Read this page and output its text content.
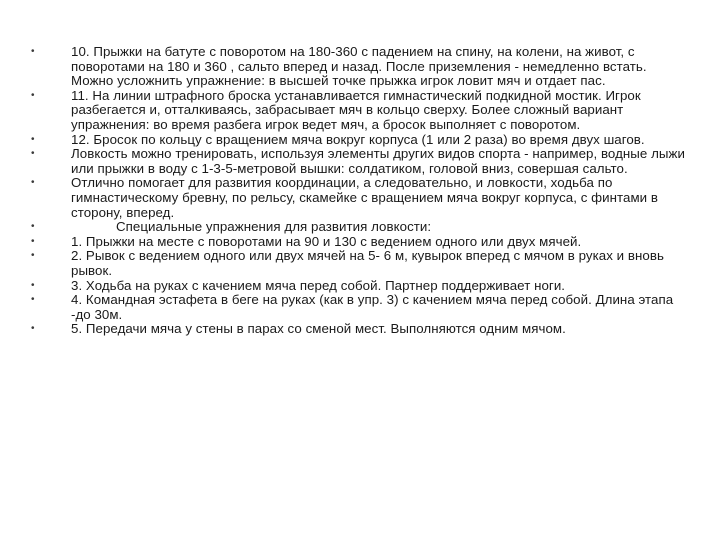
•	10. Прыжки на батуте с поворотом на 180-360 с падением на спину, на колени, на живот, с поворотами на 180 и 360 , сальто вперед и назад. После приземления - немедленно встать. Можно усложнить упражнение: в высшей точке прыжка игрок ловит мяч и отдает пас.
•	11. На линии штрафного броска устанавливается гимнастический подкидной мостик. Игрок разбегается и, отталкиваясь, забрасывает мяч в кольцо сверху. Более сложный вариант упражнения: во время разбега игрок ведет мяч, а бросок выполняет с поворотом.
•	12. Бросок по кольцу с вращением мяча вокруг корпуса (1 или 2 раза) во время двух шагов.
•	Ловкость можно тренировать, используя элементы других видов спорта - например, водные лыжи или прыжки в воду с 1-3-5-метровой вышки: солдатиком, головой вниз, совершая сальто.
•	Отлично помогает для развития координации, а следовательно, и ловкости, ходьба по гимнастическому бревну, по рельсу, скамейке с вращением мяча вокруг корпуса, с финтами в сторону, вперед.
•	Специальные упражнения для развития ловкости:
•	1. Прыжки на месте с поворотами на 90 и 130 с ведением одного или двух мячей.
•	2. Рывок с ведением одного или двух мячей на 5- 6 м, кувырок вперед с мячом в руках и вновь рывок.
•	3. Ходьба на руках с качением мяча перед собой. Партнер поддерживает ноги.
•	4. Командная эстафета в беге на руках (как в упр. 3) с качением мяча перед собой. Длина этапа -до 30м.
•	5. Передачи мяча у стены в парах со сменой мест. Выполняются одним мячом.
